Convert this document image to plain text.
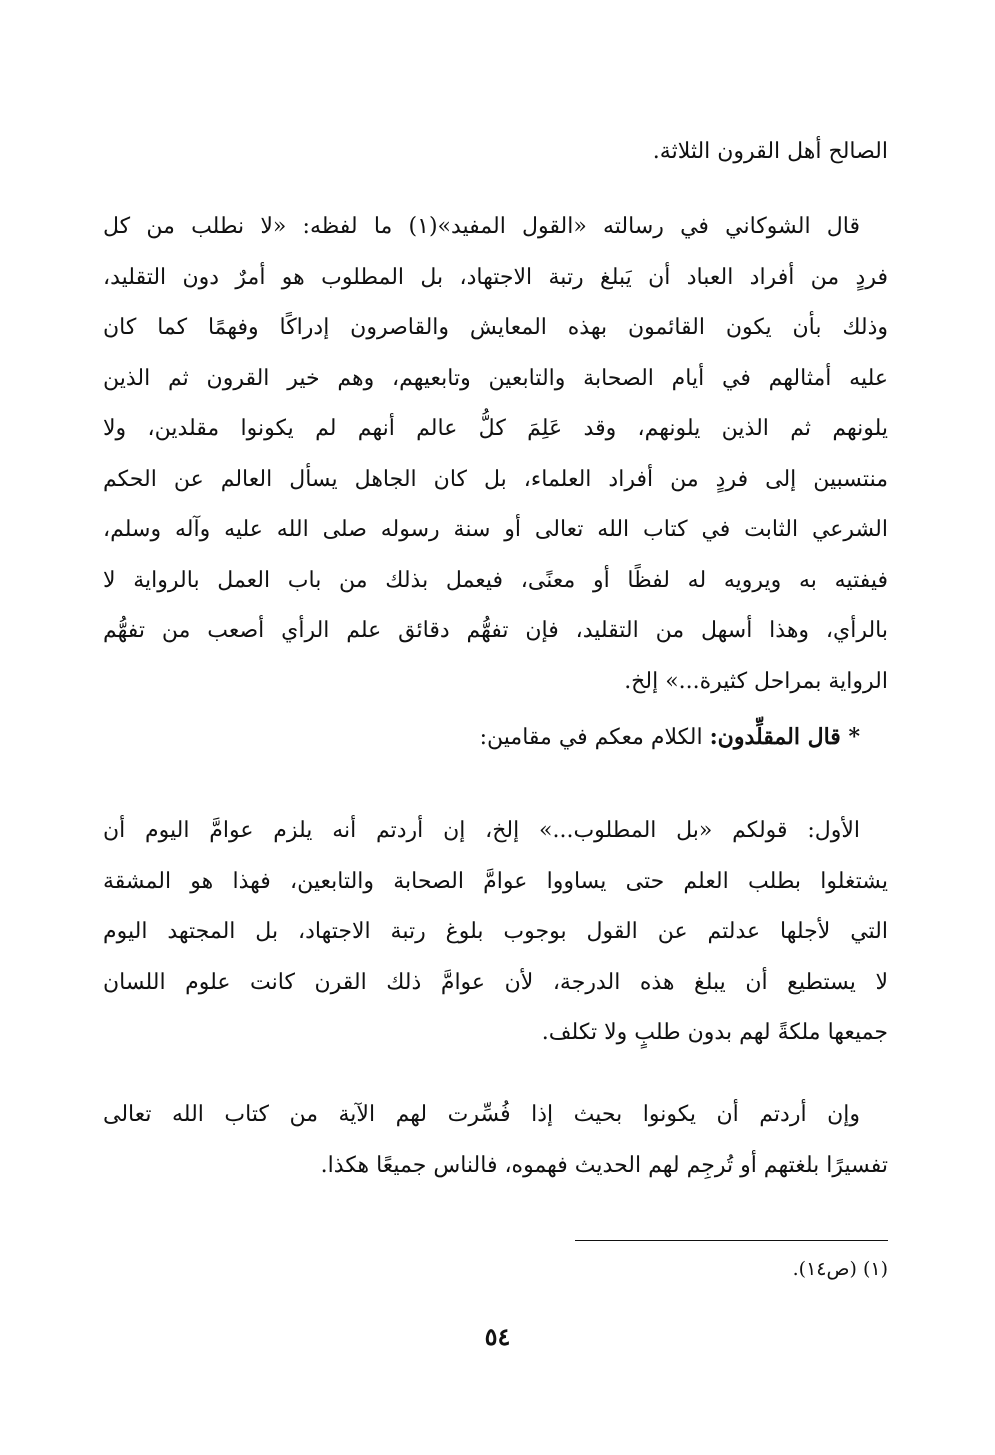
الصالح أهل القرون الثلاثة.
قال الشوكاني في رسالته «القول المفيد»(١) ما لفظه: «لا نطلب من كل
فردٍ من أفراد العباد أن يَبلغ رتبة الاجتهاد، بل المطلوب هو أمرٌ دون التقليد،
وذلك بأن يكون القائمون بهذه المعايش والقاصرون إدراكًا وفهمًا كما كان
عليه أمثالهم في أيام الصحابة والتابعين وتابعيهم، وهم خير القرون ثم الذين
يلونهم ثم الذين يلونهم، وقد عَلِمَ كلُّ عالم أنهم لم يكونوا مقلدين، ولا
منتسبين إلى فردٍ من أفراد العلماء، بل كان الجاهل يسأل العالم عن الحكم
الشرعي الثابت في كتاب الله تعالى أو سنة رسوله صلى الله عليه وآله وسلم،
فيفتيه به ويرويه له لفظًا أو معنًى، فيعمل بذلك من باب العمل بالرواية لا
بالرأي، وهذا أسهل من التقليد، فإن تفهُّم دقائق علم الرأي أصعب من تفهُّم
الرواية بمراحل كثيرة...» إلخ.
* قال المقلِّدون: الكلام معكم في مقامين:
الأول: قولكم «بل المطلوب...» إلخ، إن أردتم أنه يلزم عوامَّ اليوم أن
يشتغلوا بطلب العلم حتى يساووا عوامَّ الصحابة والتابعين، فهذا هو المشقة
التي لأجلها عدلتم عن القول بوجوب بلوغ رتبة الاجتهاد، بل المجتهد اليوم
لا يستطيع أن يبلغ هذه الدرجة، لأن عوامَّ ذلك القرن كانت علوم اللسان
جميعها ملكةً لهم بدون طلبٍ ولا تكلف.
وإن أردتم أن يكونوا بحيث إذا فُسِّرت لهم الآية من كتاب الله تعالى
تفسيرًا بلغتهم أو تُرجِم لهم الحديث فهموه، فالناس جميعًا هكذا.
(١) (ص١٤).
٥٤
